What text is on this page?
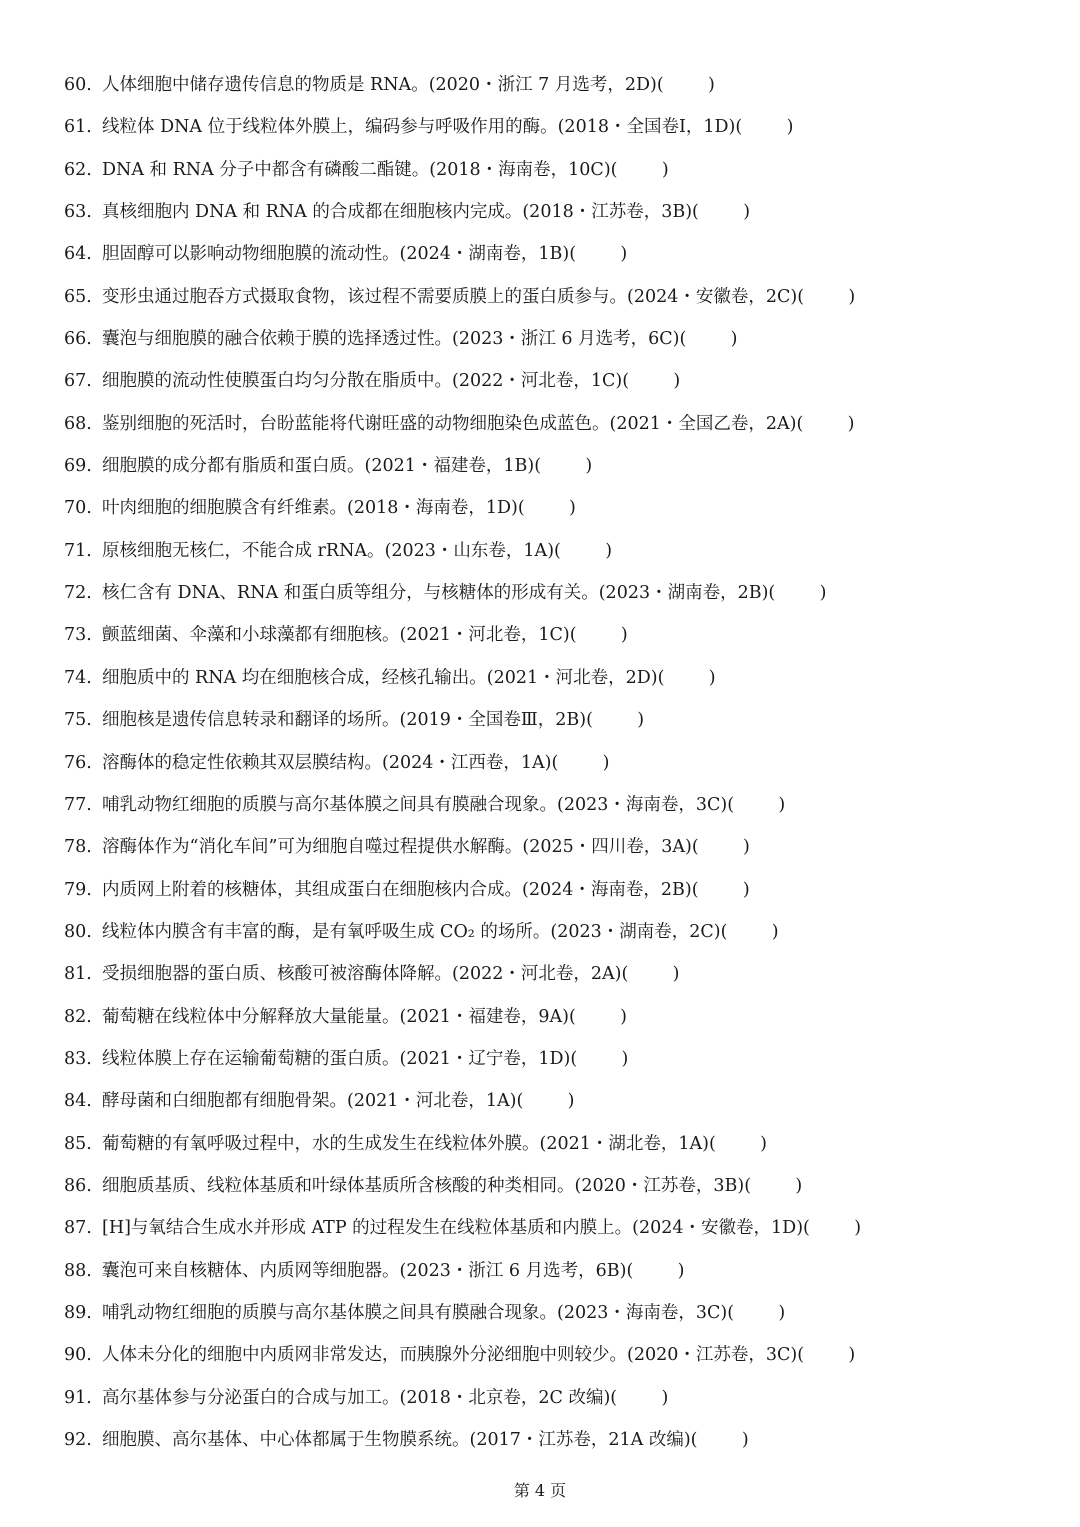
60. 人体细胞中储存遗传信息的物质是 RNA。 (2020・浙江 7 月选考，2D)
( )
61. 线粒体 DNA 位于线粒体外膜上，编码参与呼吸作用的酶。 (2018・全国卷Ⅰ，1D)
( )
62. DNA 和 RNA 分子中都含有磷酸二酯键。 (2018・海南卷，10C)
( )
63. 真核细胞内 DNA 和 RNA 的合成都在细胞核内完成。 (2018・江苏卷，3B)
( )
64. 胆固醇可以影响动物细胞膜的流动性。 (2024・湖南卷，1B)
( )
65. 变形虫通过胞吞方式摄取食物，该过程不需要质膜上的蛋白质参与。 (2024・安徽卷，2C)
( )
66. 囊泡与细胞膜的融合依赖于膜的选择透过性。 (2023・浙江 6 月选考，6C)
( )
67. 细胞膜的流动性使膜蛋白均匀分散在脂质中。 (2022・河北卷，1C)
( )
68. 鉴别细胞的死活时，台盼蓝能将代谢旺盛的动物细胞染色成蓝色。 (2021・全国乙卷，2A)
( )
69. 细胞膜的成分都有脂质和蛋白质。 (2021・福建卷，1B)
( )
70. 叶肉细胞的细胞膜含有纤维素。 (2018・海南卷，1D)
( )
71. 原核细胞无核仁，不能合成 rRNA。 (2023・山东卷，1A)
( )
72. 核仁含有 DNA、RNA 和蛋白质等组分，与核糖体的形成有关。 (2023・湖南卷，2B)
( )
73. 颤蓝细菌、伞藻和小球藻都有细胞核。 (2021・河北卷，1C)
( )
74. 细胞质中的 RNA 均在细胞核合成，经核孔输出。 (2021・河北卷，2D)
( )
75. 细胞核是遗传信息转录和翻译的场所。 (2019・全国卷Ⅲ，2B)
( )
76. 溶酶体的稳定性依赖其双层膜结构。 (2024・江西卷，1A)
( )
77. 哺乳动物红细胞的质膜与高尔基体膜之间具有膜融合现象。 (2023・海南卷，3C)
( )
78. 溶酶体作为“消化车间”可为细胞自噬过程提供水解酶。 (2025・四川卷，3A)
( )
79. 内质网上附着的核糖体，其组成蛋白在细胞核内合成。 (2024・海南卷，2B)
( )
80. 线粒体内膜含有丰富的酶，是有氧呼吸生成 CO₂ 的场所。 (2023・湖南卷，2C)
( )
81. 受损细胞器的蛋白质、核酸可被溶酶体降解。 (2022・河北卷，2A)
( )
82. 葡萄糖在线粒体中分解释放大量能量。 (2021・福建卷，9A)
( )
83. 线粒体膜上存在运输葡萄糖的蛋白质。 (2021・辽宁卷，1D)
( )
84. 酵母菌和白细胞都有细胞骨架。 (2021・河北卷，1A)
( )
85. 葡萄糖的有氧呼吸过程中，水的生成发生在线粒体外膜。 (2021・湖北卷，1A)
( )
86. 细胞质基质、线粒体基质和叶绿体基质所含核酸的种类相同。 (2020・江苏卷，3B)
( )
87. [H]与氧结合生成水并形成 ATP 的过程发生在线粒体基质和内膜上。 (2024・安徽卷，1D)
( )
88. 囊泡可来自核糖体、内质网等细胞器。 (2023・浙江 6 月选考，6B)
( )
89. 哺乳动物红细胞的质膜与高尔基体膜之间具有膜融合现象。 (2023・海南卷，3C)
( )
90. 人体未分化的细胞中内质网非常发达，而胰腺外分泌细胞中则较少。 (2020・江苏卷，3C)
( )
91. 高尔基体参与分泌蛋白的合成与加工。 (2018・北京卷，2C 改编)
( )
92. 细胞膜、高尔基体、中心体都属于生物膜系统。 (2017・江苏卷，21A 改编)
( )
第 4 页
